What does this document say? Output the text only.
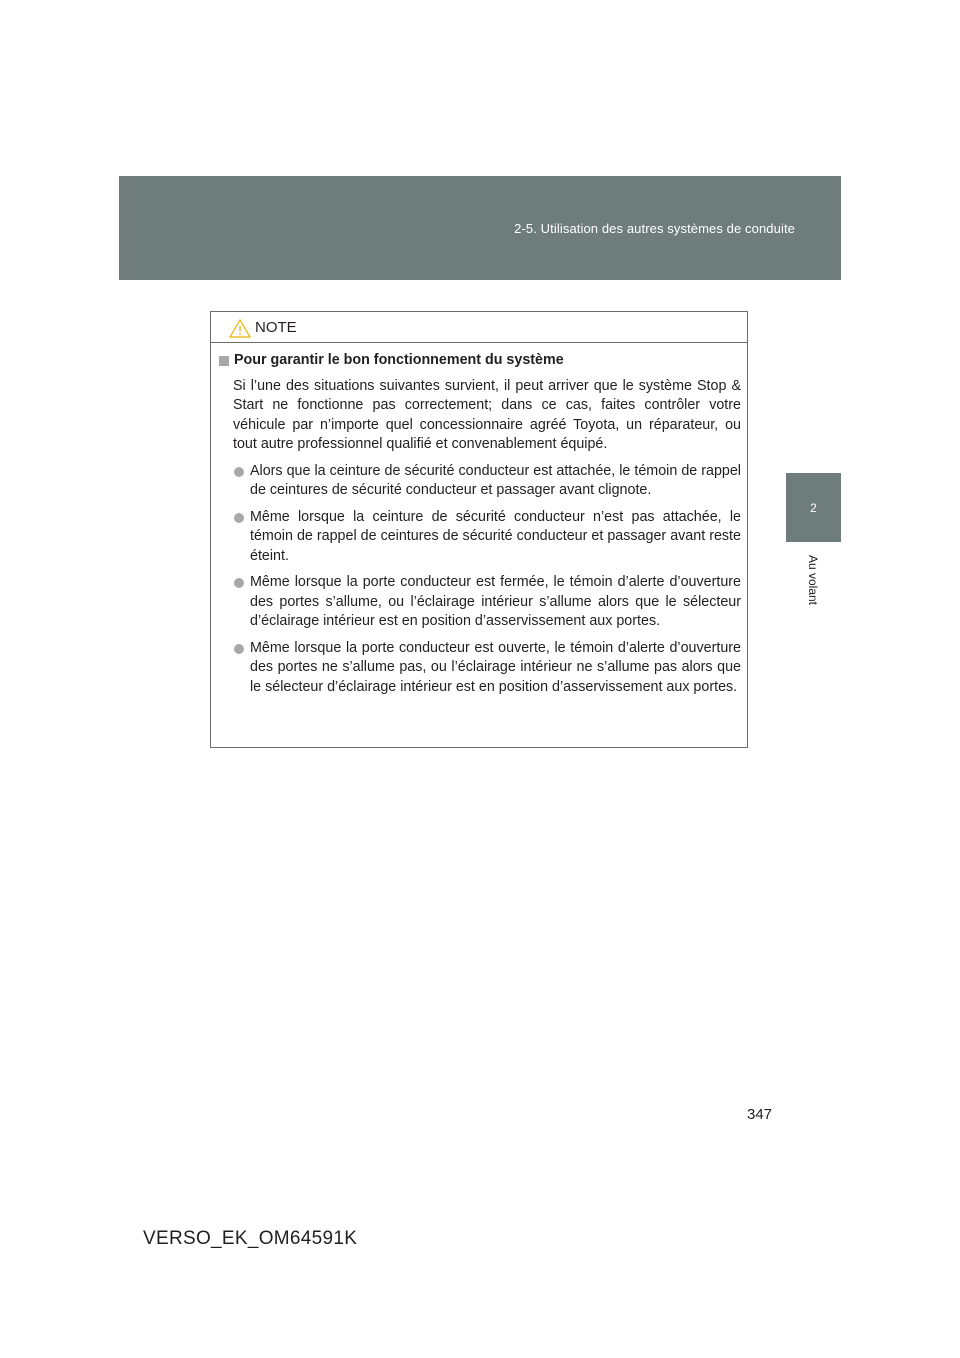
2-5. Utilisation des autres systèmes de conduite
2
Au volant
NOTE
Pour garantir le bon fonctionnement du système
Si l’une des situations suivantes survient, il peut arriver que le système Stop & Start ne fonctionne pas correctement; dans ce cas, faites contrôler votre véhicule par n’importe quel concessionnaire agréé Toyota, un réparateur, ou tout autre professionnel qualifié et convenablement équipé.
Alors que la ceinture de sécurité conducteur est attachée, le témoin de rappel de ceintures de sécurité conducteur et passager avant clignote.
Même lorsque la ceinture de sécurité conducteur n’est pas attachée, le témoin de rappel de ceintures de sécurité conducteur et passager avant reste éteint.
Même lorsque la porte conducteur est fermée, le témoin d’alerte d’ouverture des portes s’allume, ou l’éclairage intérieur s’allume alors que le sélecteur d’éclairage intérieur est en position d’asservissement aux portes.
Même lorsque la porte conducteur est ouverte, le témoin d’alerte d’ouverture des portes ne s’allume pas, ou l’éclairage intérieur ne s’allume pas alors que le sélecteur d’éclairage intérieur est en position d’asservissement aux portes.
347
VERSO_EK_OM64591K
